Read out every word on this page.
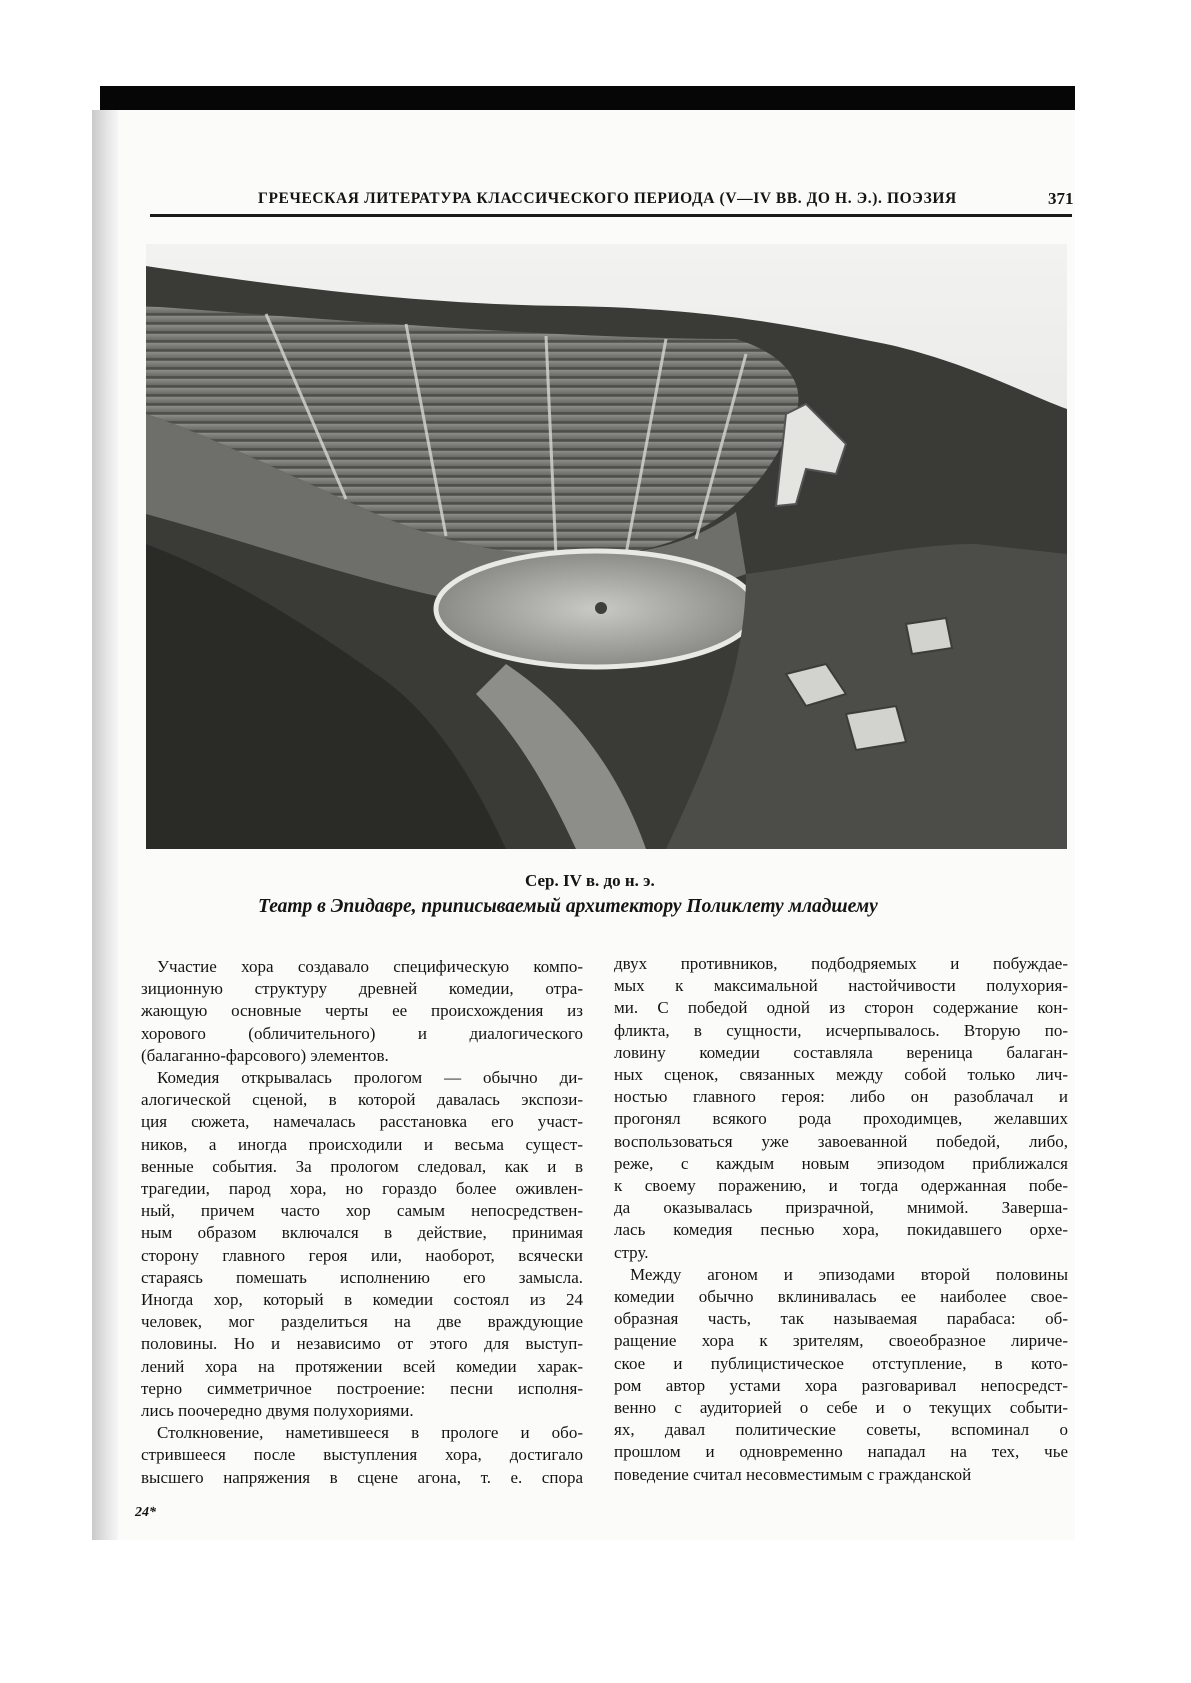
ГРЕЧЕСКАЯ ЛИТЕРАТУРА КЛАССИЧЕСКОГО ПЕРИОДА (V—IV ВВ. ДО Н. Э.). ПОЭЗИЯ	371
Сер. IV в. до н. э.
Театр в Эпидавре, приписываемый архитектору Поликлету младшему
Участие хора создавало специфическую компо-
зиционную структуру древней комедии, отра-
жающую основные черты ее происхождения из
хорового (обличительного) и диалогического
(балаганно-фарсового) элементов.
Комедия открывалась прологом — обычно ди-
алогической сценой, в которой давалась экспози-
ция сюжета, намечалась расстановка его участ-
ников, а иногда происходили и весьма сущест-
венные события. За прологом следовал, как и в
трагедии, парод хора, но гораздо более оживлен-
ный, причем часто хор самым непосредствен-
ным образом включался в действие, принимая
сторону главного героя или, наоборот, всячески
стараясь помешать исполнению его замысла.
Иногда хор, который в комедии состоял из 24
человек, мог разделиться на две враждующие
половины. Но и независимо от этого для выступ-
лений хора на протяжении всей комедии харак-
терно симметричное построение: песни исполня-
лись поочередно двумя полухориями.
Столкновение, наметившееся в прологе и обо-
стрившееся после выступления хора, достигало
высшего напряжения в сцене агона, т. е. спора
двух противников, подбодряемых и побуждае-
мых к максимальной настойчивости полухория-
ми. С победой одной из сторон содержание кон-
фликта, в сущности, исчерпывалось. Вторую по-
ловину комедии составляла вереница балаган-
ных сценок, связанных между собой только лич-
ностью главного героя: либо он разоблачал и
прогонял всякого рода проходимцев, желавших
воспользоваться уже завоеванной победой, либо,
реже, с каждым новым эпизодом приближался
к своему поражению, и тогда одержанная побе-
да оказывалась призрачной, мнимой. Заверша-
лась комедия песнью хора, покидавшего орхе-
стру.
Между агоном и эпизодами второй половины
комедии обычно вклинивалась ее наиболее свое-
образная часть, так называемая парабаса: об-
ращение хора к зрителям, своеобразное лириче-
ское и публицистическое отступление, в кото-
ром автор устами хора разговаривал непосредст-
венно с аудиторией о себе и о текущих событи-
ях, давал политические советы, вспоминал о
прошлом и одновременно нападал на тех, чье
поведение считал несовместимым с гражданской
24*
